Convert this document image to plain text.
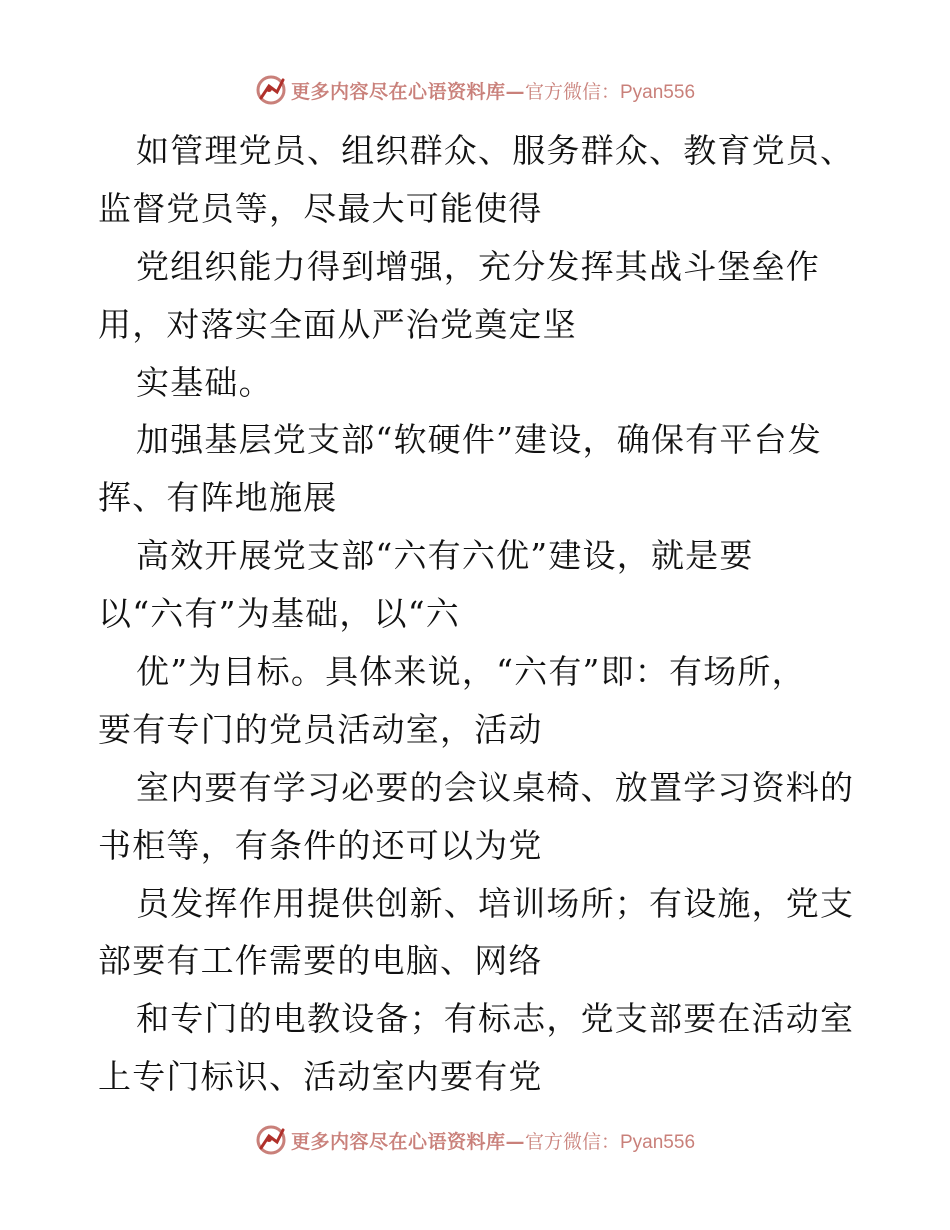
更多内容尽在心语资料库— 官方微信：Pyan556
如管理党员、组织群众、服务群众、教育党员、
监督党员等，尽最大可能使得
党组织能力得到增强，充分发挥其战斗堡垒作
用，对落实全面从严治党奠定坚
实基础。
加强基层党支部“软硬件”建设，确保有平台发
挥、有阵地施展
高效开展党支部“六有六优”建设，就是要
以“六有”为基础，以“六
优”为目标。具体来说，“六有”即：有场所，
要有专门的党员活动室，活动
室内要有学习必要的会议桌椅、放置学习资料的
书柜等，有条件的还可以为党
员发挥作用提供创新、培训场所；有设施，党支
部要有工作需要的电脑、网络
和专门的电教设备；有标志，党支部要在活动室
上专门标识、活动室内要有党
更多内容尽在心语资料库— 官方微信：Pyan556
